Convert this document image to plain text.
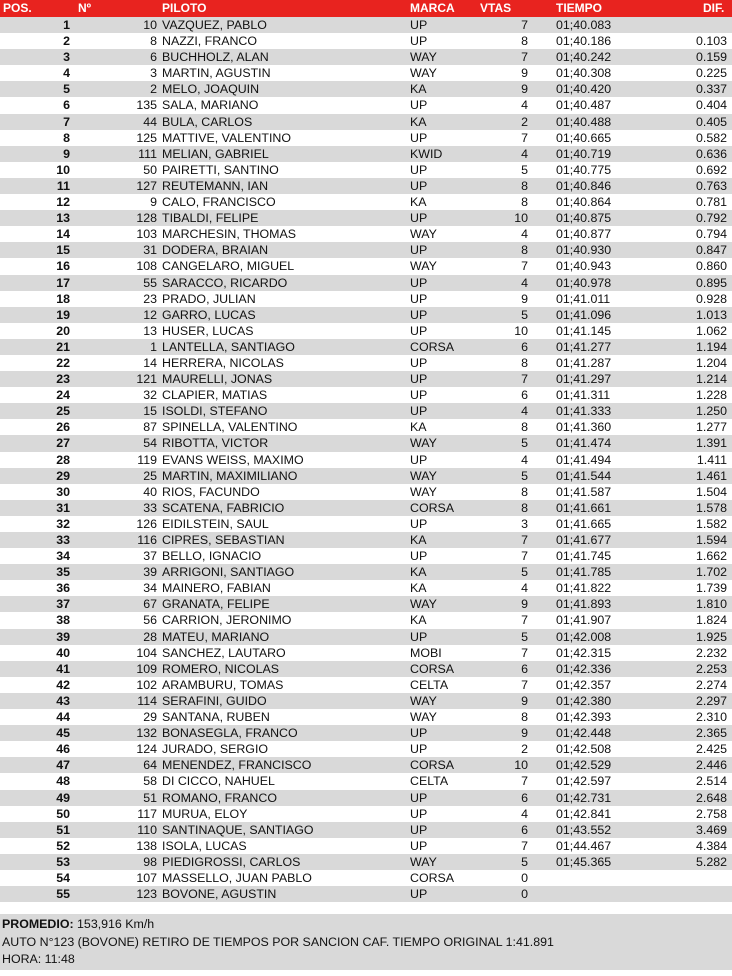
POS.	Nº	PILOTO	MARCA VTAS	TIEMPO	DIF.
1	10 VAZQUEZ, PABLO	UP	7 01;40.083
2	8 NAZZI, FRANCO	UP	8 01;40.186	0.103
3	6 BUCHHOLZ, ALAN	WAY	7 01;40.242	0.159
4	3 MARTIN, AGUSTIN	WAY	9 01;40.308	0.225
5	2 MELO, JOAQUIN	KA	9 01;40.420	0.337
6	135 SALA, MARIANO	UP	4 01;40.487	0.404
7	44 BULA, CARLOS	KA	2 01;40.488	0.405
8	125 MATTIVE, VALENTINO	UP	7 01;40.665	0.582
9	111 MELIAN, GABRIEL	KWID	4 01;40.719	0.636
10	50 PAIRETTI, SANTINO	UP	5 01;40.775	0.692
11	127 REUTEMANN, IAN	UP	8 01;40.846	0.763
12	9 CALO, FRANCISCO	KA	8 01;40.864	0.781
13	128 TIBALDI, FELIPE	UP	10 01;40.875	0.792
14	103 MARCHESIN, THOMAS	WAY	4 01;40.877	0.794
15	31 DODERA, BRAIAN	UP	8 01;40.930	0.847
16	108 CANGELARO, MIGUEL	WAY	7 01;40.943	0.860
17	55 SARACCO, RICARDO	UP	4 01;40.978	0.895
18	23 PRADO, JULIAN	UP	9 01;41.011	0.928
19	12 GARRO, LUCAS	UP	5 01;41.096	1.013
20	13 HUSER, LUCAS	UP	10 01;41.145	1.062
21	1 LANTELLA, SANTIAGO	CORSA	6 01;41.277	1.194
22	14 HERRERA, NICOLAS	UP	8 01;41.287	1.204
23	121 MAURELLI, JONAS	UP	7 01;41.297	1.214
24	32 CLAPIER, MATIAS	UP	6 01;41.311	1.228
25	15 ISOLDI, STEFANO	UP	4 01;41.333	1.250
26	87 SPINELLA, VALENTINO	KA	8 01;41.360	1.277
27	54 RIBOTTA, VICTOR	WAY	5 01;41.474	1.391
28	119 EVANS WEISS, MAXIMO	UP	4 01;41.494	1.411
29	25 MARTIN, MAXIMILIANO	WAY	5 01;41.544	1.461
30	40 RIOS, FACUNDO	WAY	8 01;41.587	1.504
31	33 SCATENA, FABRICIO	CORSA	8 01;41.661	1.578
32	126 EIDILSTEIN, SAUL	UP	3 01;41.665	1.582
33	116 CIPRES, SEBASTIAN	KA	7 01;41.677	1.594
34	37 BELLO, IGNACIO	UP	7 01;41.745	1.662
35	39 ARRIGONI, SANTIAGO	KA	5 01;41.785	1.702
36	34 MAINERO, FABIAN	KA	4 01;41.822	1.739
37	67 GRANATA, FELIPE	WAY	9 01;41.893	1.810
38	56 CARRION, JERONIMO	KA	7 01;41.907	1.824
39	28 MATEU, MARIANO	UP	5 01;42.008	1.925
40	104 SANCHEZ, LAUTARO	MOBI	7 01;42.315	2.232
41	109 ROMERO, NICOLAS	CORSA	6 01;42.336	2.253
42	102 ARAMBURU, TOMAS	CELTA	7 01;42.357	2.274
43	114 SERAFINI, GUIDO	WAY	9 01;42.380	2.297
44	29 SANTANA, RUBEN	WAY	8 01;42.393	2.310
45	132 BONASEGLA, FRANCO	UP	9 01;42.448	2.365
46	124 JURADO, SERGIO	UP	2 01;42.508	2.425
47	64 MENENDEZ, FRANCISCO	CORSA	10 01;42.529	2.446
48	58 DI CICCO, NAHUEL	CELTA	7 01;42.597	2.514
49	51 ROMANO, FRANCO	UP	6 01;42.731	2.648
50	117 MURUA, ELOY	UP	4 01;42.841	2.758
51	110 SANTINAQUE, SANTIAGO	UP	6 01;43.552	3.469
52	138 ISOLA, LUCAS	UP	7 01;44.467	4.384
53	98 PIEDIGROSSI, CARLOS	WAY	5 01;45.365	5.282
54	107 MASSELLO, JUAN PABLO	CORSA	0
55	123 BOVONE, AGUSTIN	UP	0
PROMEDIO: 153,916 Km/h
AUTO N°123 (BOVONE) RETIRO DE TIEMPOS POR SANCION CAF. TIEMPO ORIGINAL 1:41.891
HORA: 11:48
